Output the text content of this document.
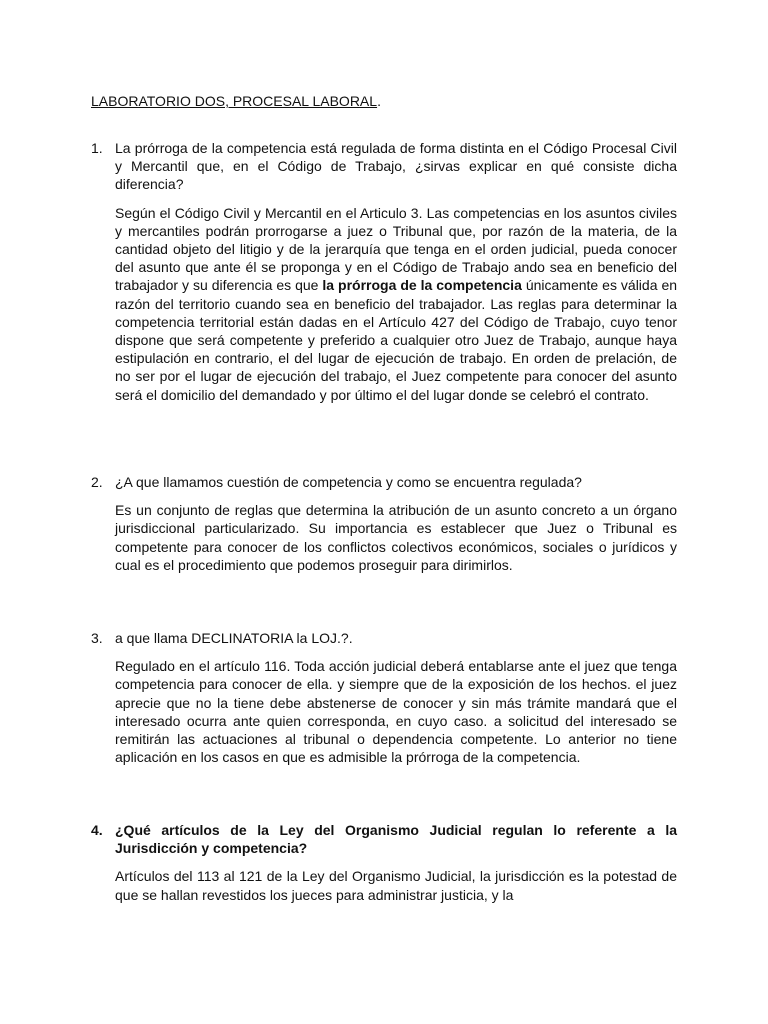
LABORATORIO DOS, PROCESAL LABORAL.
1. La prórroga de la competencia está regulada de forma distinta en el Código Procesal Civil y Mercantil que, en el Código de Trabajo, ¿sirvas explicar en qué consiste dicha diferencia?
Según el Código Civil y Mercantil en el Articulo 3. Las competencias en los asuntos civiles y mercantiles podrán prorrogarse a juez o Tribunal que, por razón de la materia, de la cantidad objeto del litigio y de la jerarquía que tenga en el orden judicial, pueda conocer del asunto que ante él se proponga y en el Código de Trabajo ando sea en beneficio del trabajador y su diferencia es que la prórroga de la competencia únicamente es válida en razón del territorio cuando sea en beneficio del trabajador. Las reglas para determinar la competencia territorial están dadas en el Artículo 427 del Código de Trabajo, cuyo tenor dispone que será competente y preferido a cualquier otro Juez de Trabajo, aunque haya estipulación en contrario, el del lugar de ejecución de trabajo. En orden de prelación, de no ser por el lugar de ejecución del trabajo, el Juez competente para conocer del asunto será el domicilio del demandado y por último el del lugar donde se celebró el contrato.
2. ¿A que llamamos cuestión de competencia y como se encuentra regulada?
Es un conjunto de reglas que determina la atribución de un asunto concreto a un órgano jurisdiccional particularizado. Su importancia es establecer que Juez o Tribunal es competente para conocer de los conflictos colectivos económicos, sociales o jurídicos y cual es el procedimiento que podemos proseguir para dirimirlos.
3. a que llama DECLINATORIA la LOJ.?.
Regulado en el artículo 116. Toda acción judicial deberá entablarse ante el juez que tenga competencia para conocer de ella. y siempre que de la exposición de los hechos. el juez aprecie que no la tiene debe abstenerse de conocer y sin más trámite mandará que el interesado ocurra ante quien corresponda, en cuyo caso. a solicitud del interesado se remitirán las actuaciones al tribunal o dependencia competente. Lo anterior no tiene aplicación en los casos en que es admisible la prórroga de la competencia.
4. ¿Qué artículos de la Ley del Organismo Judicial regulan lo referente a la Jurisdicción y competencia?
Artículos del 113 al 121 de la Ley del Organismo Judicial, la jurisdicción es la potestad de que se hallan revestidos los jueces para administrar justicia, y la
